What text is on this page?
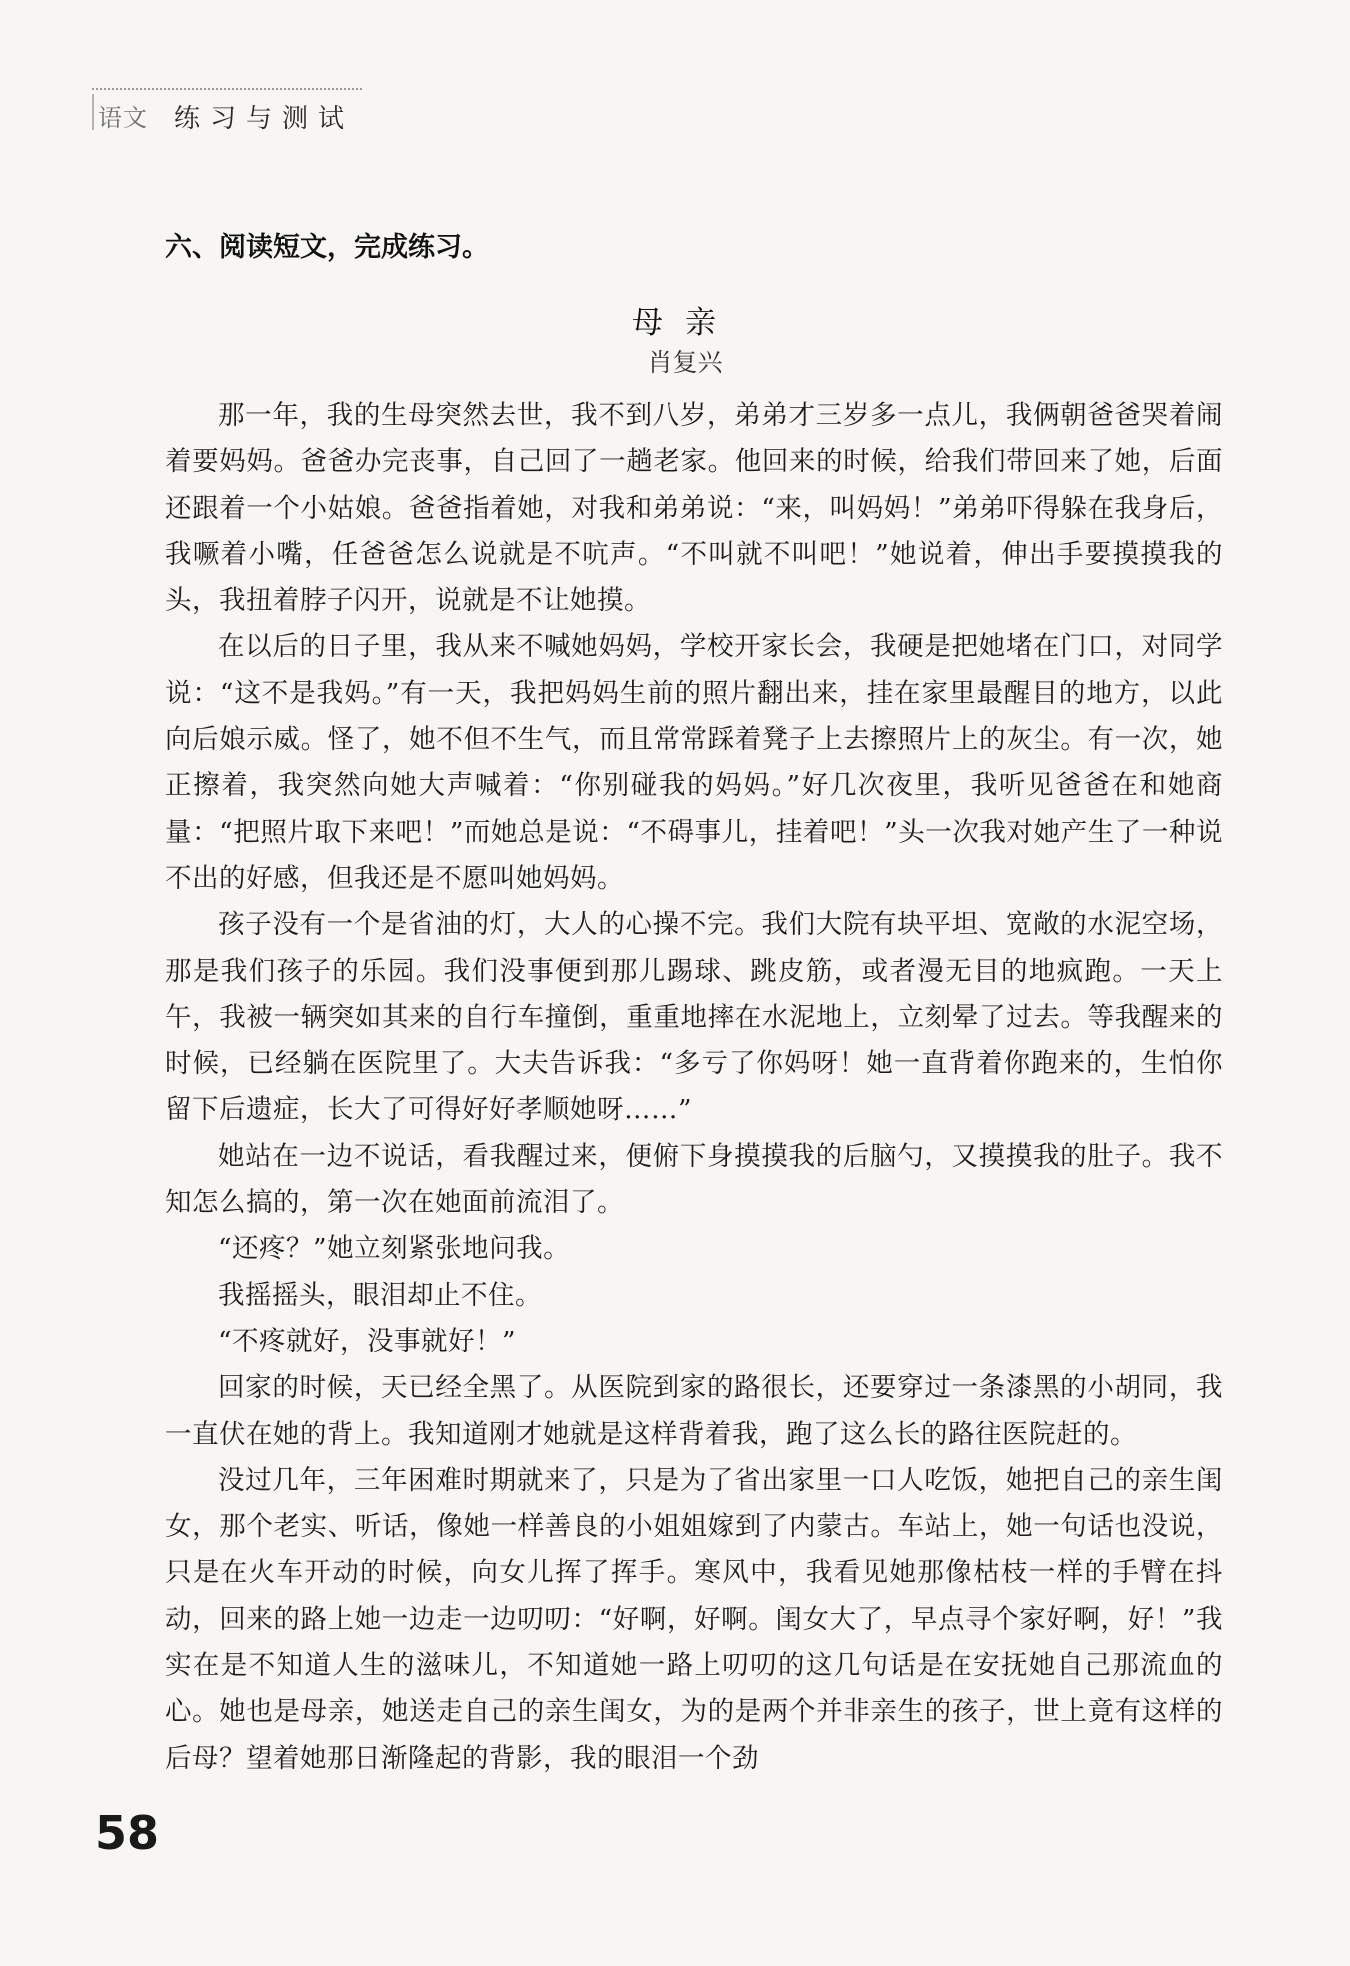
语文 练习与测试
六、阅读短文，完成练习。
母亲
肖复兴

那一年，我的生母突然去世，我不到八岁，弟弟才三岁多一点儿，我俩朝爸爸哭着闹着要妈妈。爸爸办完丧事，自己回了一趟老家。他回来的时候，给我们带回来了她，后面还跟着一个小姑娘。爸爸指着她，对我和弟弟说：“来，叫妈妈！”弟弟吓得躲在我身后，我噘着小嘴，任爸爸怎么说就是不吭声。“不叫就不叫吧！”她说着，伸出手要摸摸我的头，我扭着脖子闪开，说就是不让她摸。

在以后的日子里，我从来不喊她妈妈，学校开家长会，我硬是把她堵在门口，对同学说：“这不是我妈。”有一天，我把妈妈生前的照片翻出来，挂在家里最醒目的地方，以此向后娘示威。怪了，她不但不生气，而且常常踩着凳子上去擦照片上的灰尘。有一次，她正擦着，我突然向她大声喊着：“你别碰我的妈妈。”好几次夜里，我听见爸爸在和她商量：“把照片取下来吧！”而她总是说：“不碍事儿，挂着吧！”头一次我对她产生了一种说不出的好感，但我还是不愿叫她妈妈。

孩子没有一个是省油的灯，大人的心操不完。我们大院有块平坦、宽敞的水泥空场，那是我们孩子的乐园。我们没事便到那儿踢球、跳皮筋，或者漫无目的地疯跑。一天上午，我被一辆突如其来的自行车撞倒，重重地摔在水泥地上，立刻晕了过去。等我醒来的时候，已经躺在医院里了。大夫告诉我：“多亏了你妈呀！她一直背着你跑来的，生怕你留下后遗症，长大了可得好好孝顺她呀……”

她站在一边不说话，看我醒过来，便俯下身摸摸我的后脑勺，又摸摸我的肚子。我不知怎么搞的，第一次在她面前流泪了。

“还疼？”她立刻紧张地问我。

我摇摇头，眼泪却止不住。

“不疼就好，没事就好！”

回家的时候，天已经全黑了。从医院到家的路很长，还要穿过一条漆黑的小胡同，我一直伏在她的背上。我知道刚才她就是这样背着我，跑了这么长的路往医院赶的。

没过几年，三年困难时期就来了，只是为了省出家里一口人吃饭，她把自己的亲生闺女，那个老实、听话，像她一样善良的小姐姐嫁到了内蒙古。车站上，她一句话也没说，只是在火车开动的时候，向女儿挥了挥手。寒风中，我看见她那像枯枝一样的手臂在抖动，回来的路上她一边走一边叨叨：“好啊，好啊。闺女大了，早点寻个家好啊，好！”我实在是不知道人生的滋味儿，不知道她一路上叨叨的这几句话是在安抚她自己那流血的心。她也是母亲，她送走自己的亲生闺女，为的是两个并非亲生的孩子，世上竟有这样的后母？望着她那日渐隆起的背影，我的眼泪一个劲

58
